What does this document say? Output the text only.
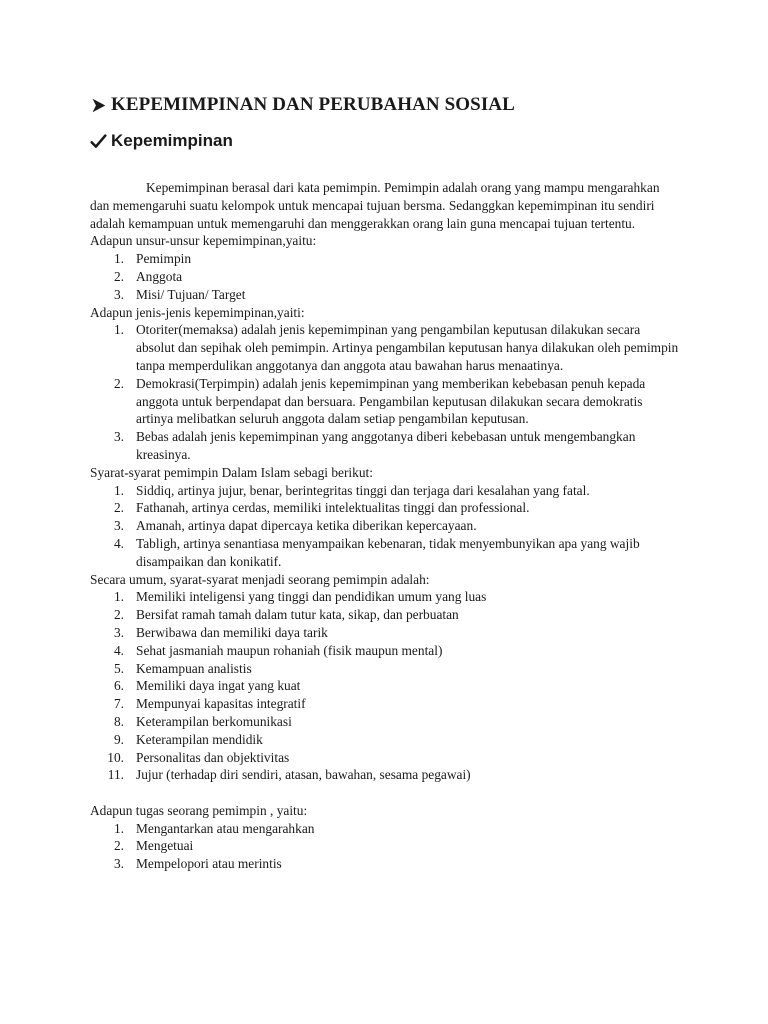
KEPEMIMPINAN DAN PERUBAHAN SOSIAL
Kepemimpinan

Kepemimpinan berasal dari kata pemimpin. Pemimpin adalah orang yang mampu mengarahkan dan memengaruhi suatu kelompok untuk mencapai tujuan bersma. Sedanggkan kepemimpinan itu sendiri adalah kemampuan untuk memengaruhi dan menggerakkan orang lain guna mencapai tujuan tertentu.

Adapun unsur-unsur kepemimpinan,yaitu:

1. Pemimpin
2. Anggota
3. Misi/ Tujuan/ Target

Adapun jenis-jenis kepemimpinan,yaiti:

1. Otoriter(memaksa) adalah jenis kepemimpinan yang pengambilan keputusan dilakukan secara absolut dan sepihak oleh pemimpin. Artinya pengambilan keputusan hanya dilakukan oleh pemimpin tanpa memperdulikan anggotanya dan anggota atau bawahan harus menaatinya.
2. Demokrasi(Terpimpin) adalah jenis kepemimpinan yang memberikan kebebasan penuh kepada anggota untuk berpendapat dan bersuara. Pengambilan keputusan dilakukan secara demokratis artinya melibatkan seluruh anggota dalam setiap pengambilan keputusan.
3. Bebas adalah jenis kepemimpinan yang anggotanya diberi kebebasan untuk mengembangkan kreasinya.

Syarat-syarat pemimpin Dalam Islam sebagi berikut:

1. Siddiq, artinya jujur, benar, berintegritas tinggi dan terjaga dari kesalahan yang fatal.
2. Fathanah, artinya cerdas, memiliki intelektualitas tinggi dan professional.
3. Amanah, artinya dapat dipercaya ketika diberikan kepercayaan.
4. Tabligh, artinya senantiasa menyampaikan kebenaran, tidak menyembunyikan apa yang wajib disampaikan dan konikatif.

Secara umum, syarat-syarat menjadi seorang pemimpin adalah:

1. Memiliki inteligensi yang tinggi dan pendidikan umum yang luas
2. Bersifat ramah tamah dalam tutur kata, sikap, dan perbuatan
3. Berwibawa dan memiliki daya tarik
4. Sehat jasmaniah maupun rohaniah (fisik maupun mental)
5. Kemampuan analistis
6. Memiliki daya ingat yang kuat
7. Mempunyai kapasitas integratif
8. Keterampilan berkomunikasi
9. Keterampilan mendidik
10. Personalitas dan objektivitas
11. Jujur (terhadap diri sendiri, atasan, bawahan, sesama pegawai)

Adapun tugas seorang pemimpin , yaitu:

1. Mengantarkan atau mengarahkan
2. Mengetuai
3. Mempelopori atau merintis
